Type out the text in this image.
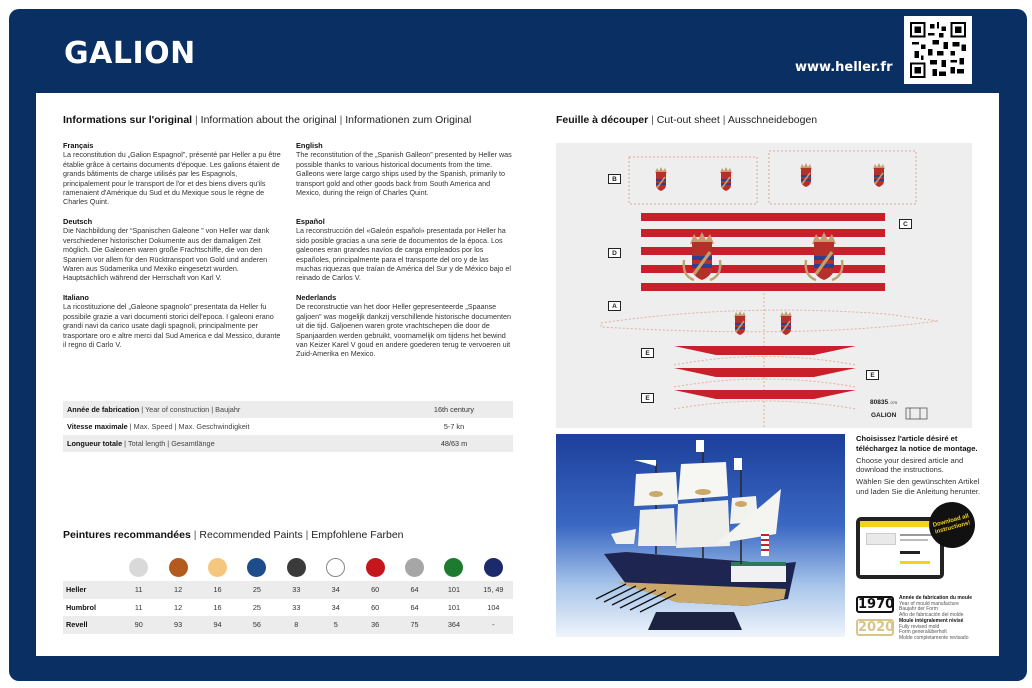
GALION	www.heller.fr
Informations sur l'original | Information about the original | Informationen zum Original
Français
La reconstitution du „Galion Espagnol”, présenté par Heller a pu être établie grâce à certains documents d'époque. Les galions étaient de grands bâtiments de charge utilisés par les Espagnols, principalement pour le transport de l'or et des biens divers qu'ils ramenaient d'Amérique du Sud et du Mexique sous le règne de Charles Quint.
Deutsch
Die Nachbildung der “Spanischen Galeone ” von Heller war dank verschiedener historischer Dokumente aus der damaligen Zeit möglich. Die Galeonen waren große Frachtschiffe, die von den Spaniern vor allem für den Rücktransport von Gold und anderen Waren aus Südamerika und Mexiko eingesetzt wurden. Hauptsächlich während der Herrschaft von Karl V.
Italiano
La ricostituzione del „Galeone spagnolo” presentata da Heller fu possibile grazie a vari documenti storici dell'epoca. I galeoni erano grandi navi da carico usate dagli spagnoli, principalmente per trasportare oro e altre merci dal Sud America e dal Messico, durante il regno di Carlo V.
English
The reconstitution of the „Spanish Galleon” presented by Heller was possible thanks to various historical documents from the time. Galleons were large cargo ships used by the Spanish, primarily to transport gold and other goods back from South America and Mexico, during the reign of Charles Quint.
Español
La reconstrucción del «Galeón español» presentada por Heller ha sido posible gracias a una serie de documentos de la época. Los galeones eran grandes navíos de carga empleados por los españoles, principalmente para el transporte del oro y de las muchas riquezas que traían de América del Sur y de México bajo el reinado de Carlos V.
Nederlands
De reconstructie van het door Heller gepresenteerde „Spaanse galjoen” was mogelijk dankzij verschillende historische documenten uit die tijd. Galjoenen waren grote vrachtschepen die door de Spanjaarden werden gebruikt, voornamelijk om tijdens het bewind van Keizer Karel V goud en andere goederen terug te vervoeren uit Zuid-Amerika en Mexico.
Année de fabrication | Year of construction | Baujahr	16th century
Vitesse maximale | Max. Speed | Max. Geschwindigkeit	5-7 kn
Longueur totale | Total length | Gesamtlänge	48/63 m
Peintures recommandées | Recommended Paints | Empfohlene Farben
Heller	11	12	16	25	33	34	60	64	101	15, 49
Humbrol	11	12	16	25	33	34	60	64	101	104
Revell	90	93	94	56	8	5	36	75	364	-
Feuille à découper | Cut-out sheet | Ausschneidebogen
B
C
D
A
E
E
E
80835- 070
GALION

Choisissez l'article désiré et téléchargez la notice de montage.

Choose your desired article and download the instructions.

Wählen Sie den gewünschten Artikel und laden Sie die Anleitung herunter.

Download all instructions!
1970 Année de fabrication du moule
Year of mould manufacture
Baujahr der Form
Año de fabricación del molde
2020 Moule intégralement révisé
Fully revised mold
Form generalüberholt
Molde completamente revisado
